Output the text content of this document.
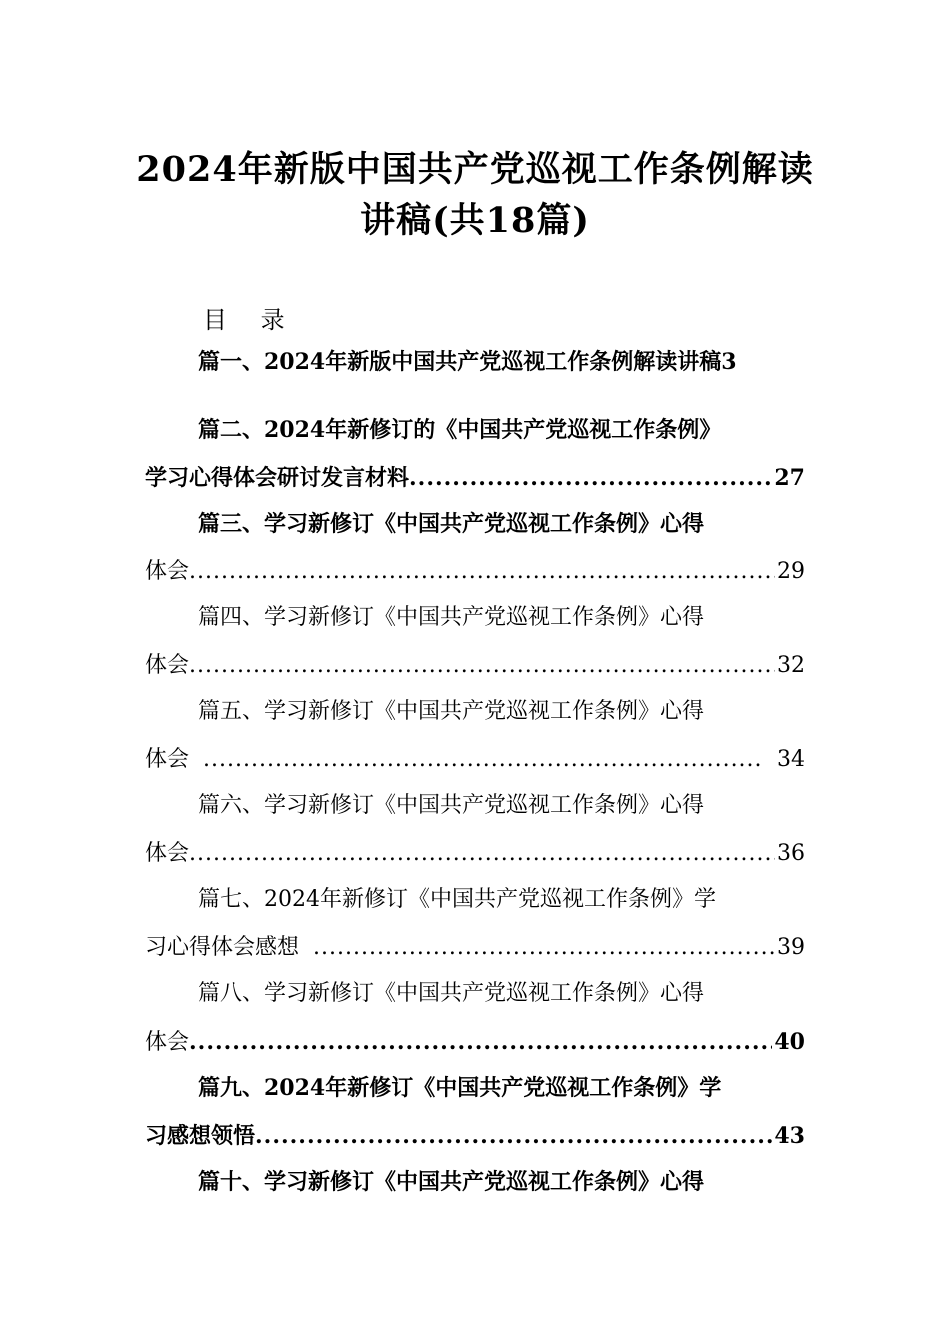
2024年新版中国共产党巡视工作条例解读
讲稿(共18篇)
目 录
篇一、2024年新版中国共产党巡视工作条例解读讲稿3
篇二、2024年新修订的《中国共产党巡视工作条例》
学习心得体会研讨发言材料 .....	27
篇三、学习新修订《中国共产党巡视工作条例》心得
体会 .....	29
篇四、学习新修订《中国共产党巡视工作条例》心得
体会 .....	32
篇五、学习新修订《中国共产党巡视工作条例》心得
体会 .....	34
篇六、学习新修订《中国共产党巡视工作条例》心得
体会 .....	36
篇七、2024年新修订《中国共产党巡视工作条例》学
习心得体会感想 .....	39
篇八、学习新修订《中国共产党巡视工作条例》心得
体会 .....	40
篇九、2024年新修订《中国共产党巡视工作条例》学
习感想领悟 .....	43
篇十、学习新修订《中国共产党巡视工作条例》心得
